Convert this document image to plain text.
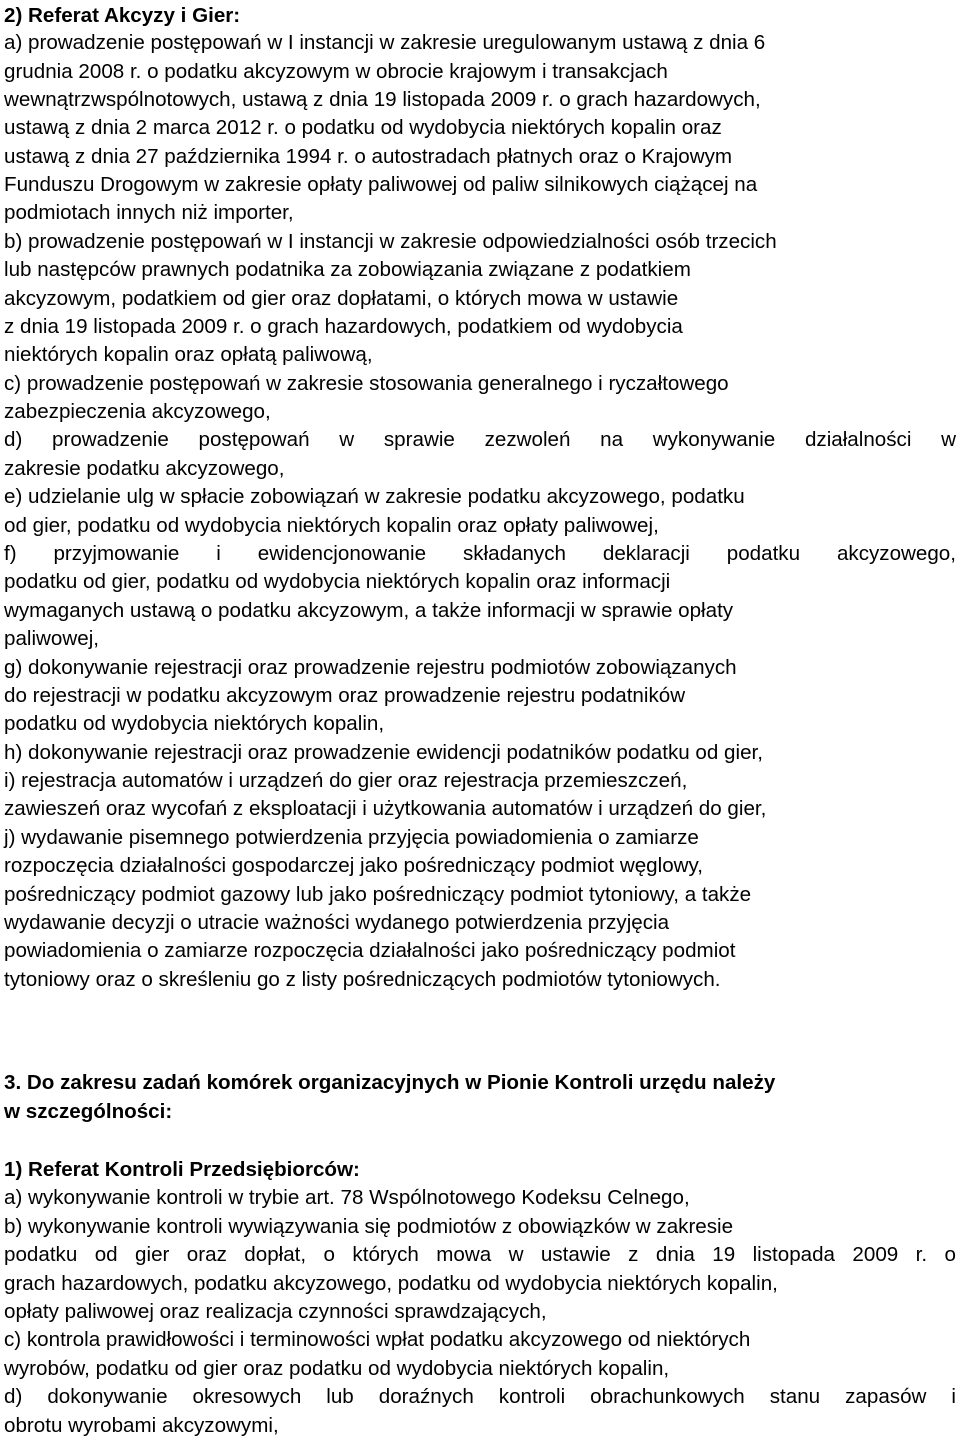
2) Referat Akcyzy i Gier:
a) prowadzenie postępowań w I instancji w zakresie uregulowanym ustawą z dnia 6
grudnia 2008 r. o podatku akcyzowym w obrocie krajowym i transakcjach
wewnątrzwspólnotowych, ustawą z dnia 19 listopada 2009 r. o grach hazardowych,
ustawą z dnia 2 marca 2012 r. o podatku od wydobycia niektórych kopalin oraz
ustawą z dnia 27 października 1994 r. o autostradach płatnych oraz o Krajowym
Funduszu Drogowym w zakresie opłaty paliwowej od paliw silnikowych ciążącej na
podmiotach innych niż importer,
b) prowadzenie postępowań w I instancji w zakresie odpowiedzialności osób trzecich
lub następców prawnych podatnika za zobowiązania związane z podatkiem
akcyzowym, podatkiem od gier oraz dopłatami, o których mowa w ustawie
z dnia 19 listopada 2009 r. o grach hazardowych, podatkiem od wydobycia
niektórych kopalin oraz opłatą paliwową,
c) prowadzenie postępowań w zakresie stosowania generalnego i ryczałtowego
zabezpieczenia akcyzowego,
d) prowadzenie postępowań w sprawie zezwoleń na wykonywanie działalności w
zakresie podatku akcyzowego,
e) udzielanie ulg w spłacie zobowiązań w zakresie podatku akcyzowego, podatku
od gier, podatku od wydobycia niektórych kopalin oraz opłaty paliwowej,
f) przyjmowanie i ewidencjonowanie składanych deklaracji podatku akcyzowego,
podatku od gier, podatku od wydobycia niektórych kopalin oraz informacji
wymaganych ustawą o podatku akcyzowym, a także informacji w sprawie opłaty
paliwowej,
g) dokonywanie rejestracji oraz prowadzenie rejestru podmiotów zobowiązanych
do rejestracji w podatku akcyzowym oraz prowadzenie rejestru podatników
podatku od wydobycia niektórych kopalin,
h) dokonywanie rejestracji oraz prowadzenie ewidencji podatników podatku od gier,
i) rejestracja automatów i urządzeń do gier oraz rejestracja przemieszczeń,
zawieszeń oraz wycofań z eksploatacji i użytkowania automatów i urządzeń do gier,
j) wydawanie pisemnego potwierdzenia przyjęcia powiadomienia o zamiarze
rozpoczęcia działalności gospodarczej jako pośredniczący podmiot węglowy,
pośredniczący podmiot gazowy lub jako pośredniczący podmiot tytoniowy, a także
wydawanie decyzji o utracie ważności wydanego potwierdzenia przyjęcia
powiadomienia o zamiarze rozpoczęcia działalności jako pośredniczący podmiot
tytoniowy oraz o skreśleniu go z listy pośredniczących podmiotów tytoniowych.
3. Do zakresu zadań komórek organizacyjnych w Pionie Kontroli urzędu należy
w szczególności:
1) Referat Kontroli Przedsiębiorców:
a) wykonywanie kontroli w trybie art. 78 Wspólnotowego Kodeksu Celnego,
b) wykonywanie kontroli wywiązywania się podmiotów z obowiązków w zakresie
podatku od gier oraz dopłat, o których mowa w ustawie z dnia 19 listopada 2009 r. o
grach hazardowych, podatku akcyzowego, podatku od wydobycia niektórych kopalin,
opłaty paliwowej oraz realizacja czynności sprawdzających,
c) kontrola prawidłowości i terminowości wpłat podatku akcyzowego od niektórych
wyrobów, podatku od gier oraz podatku od wydobycia niektórych kopalin,
d) dokonywanie okresowych lub doraźnych kontroli obrachunkowych stanu zapasów i
obrotu wyrobami akcyzowymi,
